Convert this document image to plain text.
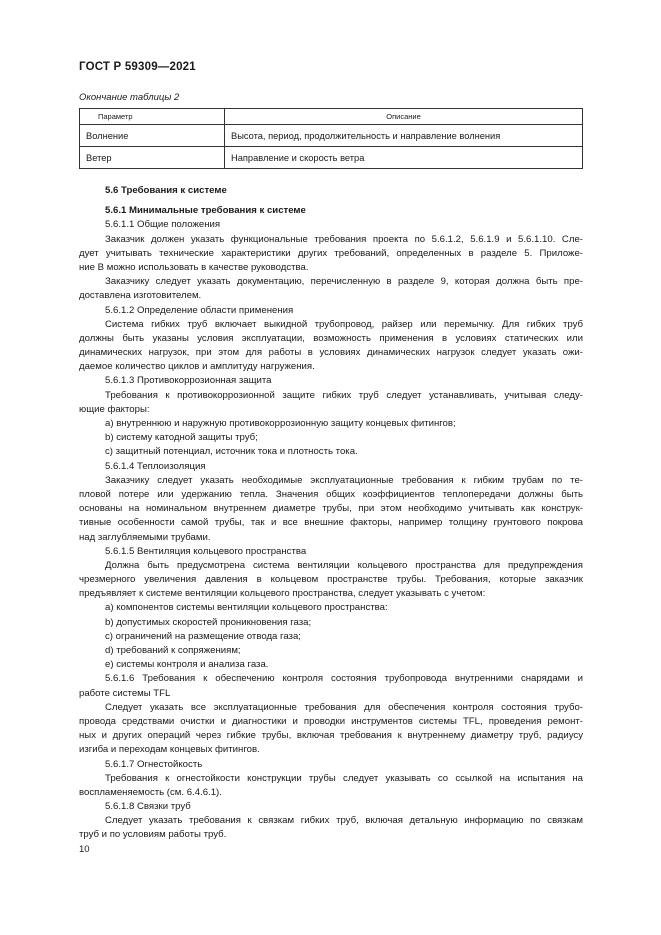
ГОСТ Р 59309—2021
Окончание таблицы 2
Параметр	Описание
Волнение	Высота, период, продолжительность и направление волнения
Ветер	Направление и скорость ветра
5.6 Требования к системе
5.6.1 Минимальные требования к системе
5.6.1.1 Общие положения
Заказчик должен указать функциональные требования проекта по 5.6.1.2, 5.6.1.9 и 5.6.1.10. Сле-
дует учитывать технические характеристики других требований, определенных в разделе 5. Приложе-
ние В можно использовать в качестве руководства.
Заказчику следует указать документацию, перечисленную в разделе 9, которая должна быть пре-
доставлена изготовителем.
5.6.1.2 Определение области применения
Система гибких труб включает выкидной трубопровод, райзер или перемычку. Для гибких труб
должны быть указаны условия эксплуатации, возможность применения в условиях статических или
динамических нагрузок, при этом для работы в условиях динамических нагрузок следует указать ожи-
даемое количество циклов и амплитуду нагружения.
5.6.1.3 Противокоррозионная защита
Требования к противокоррозионной защите гибких труб следует устанавливать, учитывая следу-
ющие факторы:
a) внутреннюю и наружную противокоррозионную защиту концевых фитингов;
b) систему катодной защиты труб;
c) защитный потенциал, источник тока и плотность тока.
5.6.1.4 Теплоизоляция
Заказчику следует указать необходимые эксплуатационные требования к гибким трубам по те-
пловой потере или удержанию тепла. Значения общих коэффициентов теплопередачи должны быть
основаны на номинальном внутреннем диаметре трубы, при этом необходимо учитывать как конструк-
тивные особенности самой трубы, так и все внешние факторы, например толщину грунтового покрова
над заглубляемыми трубами.
5.6.1.5 Вентиляция кольцевого пространства
Должна быть предусмотрена система вентиляции кольцевого пространства для предупреждения
чрезмерного увеличения давления в кольцевом пространстве трубы. Требования, которые заказчик
предъявляет к системе вентиляции кольцевого пространства, следует указывать с учетом:
a) компонентов системы вентиляции кольцевого пространства:
b) допустимых скоростей проникновения газа;
c) ограничений на размещение отвода газа;
d) требований к сопряжениям;
e) системы контроля и анализа газа.
5.6.1.6 Требования к обеспечению контроля состояния трубопровода внутренними снарядами и
работе системы TFL
Следует указать все эксплуатационные требования для обеспечения контроля состояния трубо-
провода средствами очистки и диагностики и проводки инструментов системы TFL, проведения ремонт-
ных и других операций через гибкие трубы, включая требования к внутреннему диаметру труб, радиусу
изгиба и переходам концевых фитингов.
5.6.1.7 Огнестойкость
Требования к огнестойкости конструкции трубы следует указывать со ссылкой на испытания на
воспламеняемость (см. 6.4.6.1).
5.6.1.8 Связки труб
Следует указать требования к связкам гибких труб, включая детальную информацию по связкам
труб и по условиям работы труб.
10
